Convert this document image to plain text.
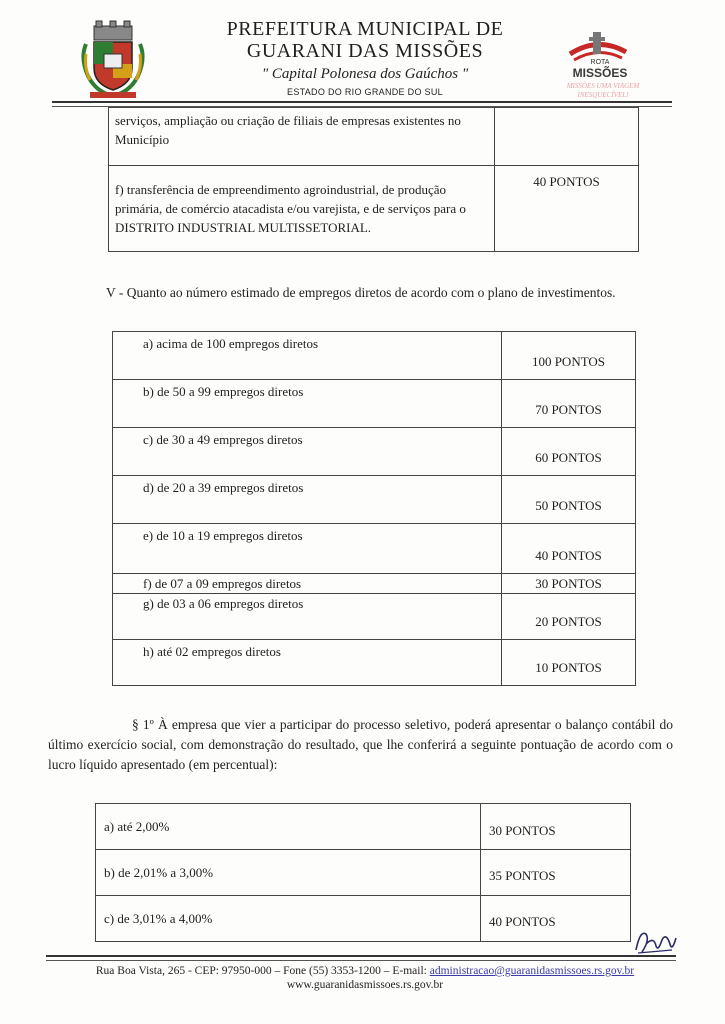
PREFEITURA MUNICIPAL DE
GUARANI DAS MISSÕES
" Capital Polonesa dos Gaúchos "
ESTADO DO RIO GRANDE DO SUL
ROTA
MISSÕES
MISSÕES UMA VIAGEM
INESQUECÍVEL!
serviços, ampliação ou criação de filiais de empresas existentes no Município	
f) transferência de empreendimento agroindustrial, de produção primária, de comércio atacadista e/ou varejista, e de serviços para o DISTRITO INDUSTRIAL MULTISSETORIAL.	40 PONTOS
V - Quanto ao número estimado de empregos diretos de acordo com o plano de investimentos.
a) acima de 100 empregos diretos	100 PONTOS
b) de 50 a 99 empregos diretos	70 PONTOS
c) de 30 a 49 empregos diretos	60 PONTOS
d) de 20 a 39 empregos diretos	50 PONTOS
e) de 10 a 19 empregos diretos	40 PONTOS
f) de 07 a 09 empregos diretos	30 PONTOS
g) de 03 a 06 empregos diretos	20 PONTOS
h) até 02 empregos diretos	10 PONTOS
§ 1º À empresa que vier a participar do processo seletivo, poderá apresentar o balanço contábil do último exercício social, com demonstração do resultado, que lhe conferirá a seguinte pontuação de acordo com o lucro líquido apresentado (em percentual):
a) até 2,00%	30 PONTOS
b) de 2,01% a 3,00%	35 PONTOS
c) de 3,01% a 4,00%	40 PONTOS
Rua Boa Vista, 265 - CEP: 97950-000 – Fone (55) 3353-1200 – E-mail: administracao@guaranidasmissoes.rs.gov.br
www.guaranidasmissoes.rs.gov.br
